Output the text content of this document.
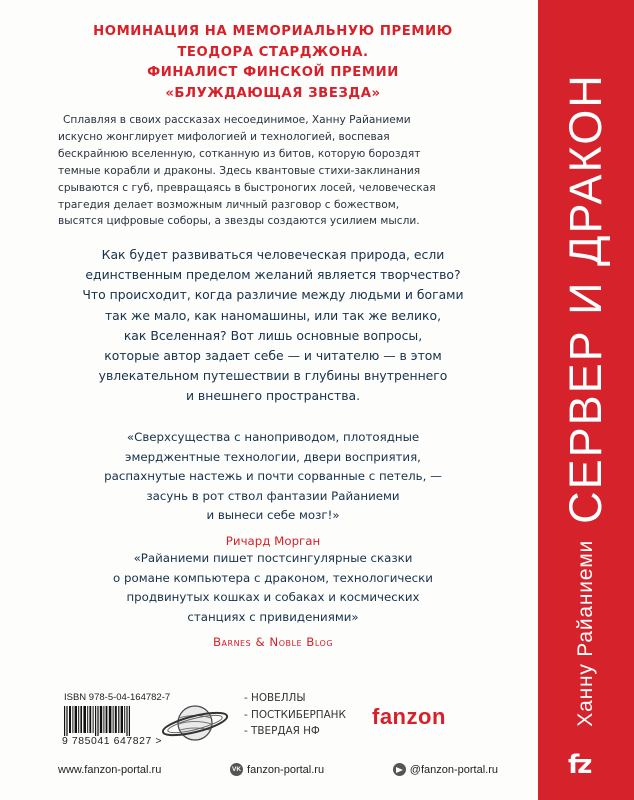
НОМИНАЦИЯ НА МЕМОРИАЛЬНУЮ ПРЕМИЮ
ТЕОДОРА СТАРДЖОНА.
ФИНАЛИСТ ФИНСКОЙ ПРЕМИИ
«БЛУЖДАЮЩАЯ ЗВЕЗДА»
Сплавляя в своих рассказах несоединимое, Ханну Райаниеми
искусно жонглирует мифологией и технологией, воспевая
бескрайнюю вселенную, сотканную из битов, которую бороздят
темные корабли и драконы. Здесь квантовые стихи-заклинания
срываются с губ, превращаясь в быстроногих лосей, человеческая
трагедия делает возможным личный разговор с божеством,
высятся цифровые соборы, а звезды создаются усилием мысли.
Как будет развиваться человеческая природа, если
единственным пределом желаний является творчество?
Что происходит, когда различие между людьми и богами
так же мало, как наномашины, или так же велико,
как Вселенная? Вот лишь основные вопросы,
которые автор задает себе — и читателю — в этом
увлекательном путешествии в глубины внутреннего
и внешнего пространства.
«Сверхсущества с наноприводом, плотоядные
эмерджентные технологии, двери восприятия,
распахнутые настежь и почти сорванные с петель, —
засунь в рот ствол фантазии Райаниеми
и вынеси себе мозг!»
Ричард Морган
«Райаниеми пишет постсингулярные сказки
о романе компьютера с драконом, технологически
продвинутых кошках и собаках и космических
станциях с привидениями»
Barnes & Noble Blog
ISBN 978-5-04-164782-7
9 785041 647827 >
- НОВЕЛЛЫ
- ПОСТКИБЕРПАНК
- ТВЕРДАЯ НФ
fanzon
www.fanzon-portal.ru	VK fanzon-portal.ru	@fanzon-portal.ru
Ханну Райаниеми
СЕРВЕР И ДРАКОН
fz
